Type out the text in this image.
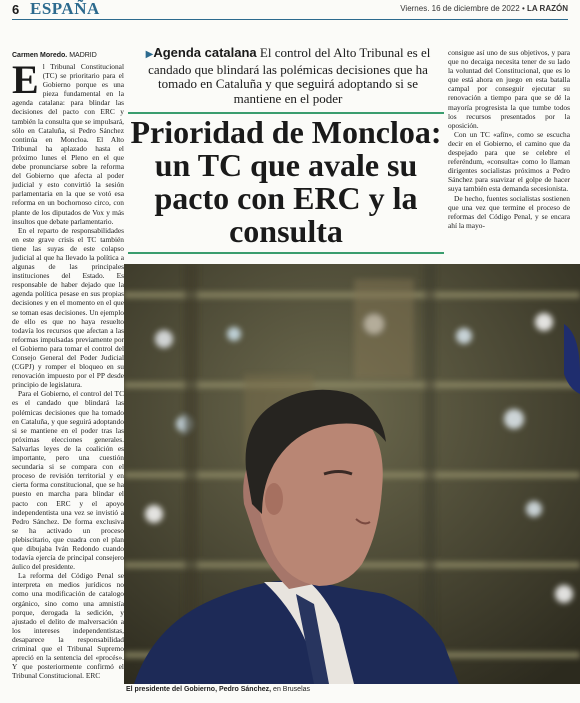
6 ESPAÑA	Viernes. 16 de diciembre de 2022 • LA RAZÓN
Carmen Moredo. MADRID

El Tribunal Constitucional (TC) se prioritario para el Gobierno porque es una pieza fundamental en la agenda catalana: para blindar las decisiones del pacto con ERC y también la consulta que se impulsará, sólo en Cataluña, si Pedro Sánchez continúa en Moncloa. El Alto Tribunal ha aplazado hasta el próximo lunes el Pleno en el que debe pronunciarse sobre la reforma del Gobierno que afecta al poder judicial y esto convirtió la sesión parlamentaria en la que se votó esa reforma en un bochornoso circo, con plante de los diputados de Vox y más insultos que debate parlamentario.

En el reparto de responsabilidades en este grave crisis el TC también tiene las suyas de este colapso judicial al que ha llevado la política a algunas de las principales instituciones del Estado. Es responsable de haber dejado que la agenda política pesase en sus propias decisiones y en el momento en el que se toman esas decisiones. Un ejemplo de ello es que no haya resuelto todavía los recursos que afectan a las reformas impulsadas previamente por el Gobierno para tomar el control del Consejo General del Poder Judicial (CGPJ) y romper el bloqueo en su renovación impuesto por el PP desde principio de legislatura.

Para el Gobierno, el control del TC es el candado que blindará las polémicas decisiones que ha tomado en Cataluña, y que seguirá adoptando si se mantiene en el poder tras las próximas elecciones generales. Salvarlas leyes de la coalición es importante, pero una cuestión secundaria si se compara con el proceso de revisión territorial y en cierta forma constitucional, que se ha puesto en marcha para blindar el pacto con ERC y el apoyo independentista una vez se invistió a Pedro Sánchez. De forma exclusiva se ha activado un proceso plebiscitario, que cuadra con el plan que dibujaba Iván Redondo cuando todavía ejercía de principal consejero áulico del presidente.

La reforma del Código Penal se interpreta en medios jurídicos no como una modificación de catalogo orgánico, sino como una amnistía porque, derogada la sedición, y ajustado el delito de malversación a los intereses independentistas, desaparece la responsabilidad criminal que el Tribunal Supremo apreció en la sentencia del «procés». Y que posteriormente confirmó el Tribunal Constitucional. ERC

▶Agenda catalana El control del Alto Tribunal es el candado que blindará las polémicas decisiones que ha tomado en Cataluña y que seguirá adoptando si se mantiene en el poder
Prioridad de Moncloa: un TC que avale su pacto con ERC y la consulta

consigue así uno de sus objetivos, y para que no decaiga necesita tener de su lado la voluntad del Constitucional, que es lo que está ahora en juego en esta batalla campal por conseguir ejecutar su renovación a tiempo para que se dé la mayoría progresista la que tumbe todos los recursos presentados por la oposición.

Con un TC «afín», como se escucha decir en el Gobierno, el camino que da despejado para que se celebre el referéndum, «consulta» como lo llaman dirigentes socialistas próximos a Pedro Sánchez para suavizar el golpe de hacer suya también esta demanda secesionista.

De hecho, fuentes socialistas sostienen que una vez que termine el proceso de reformas del Código Penal, y se encara ahí la mayo-

El presidente del Gobierno, Pedro Sánchez, en Bruselas
